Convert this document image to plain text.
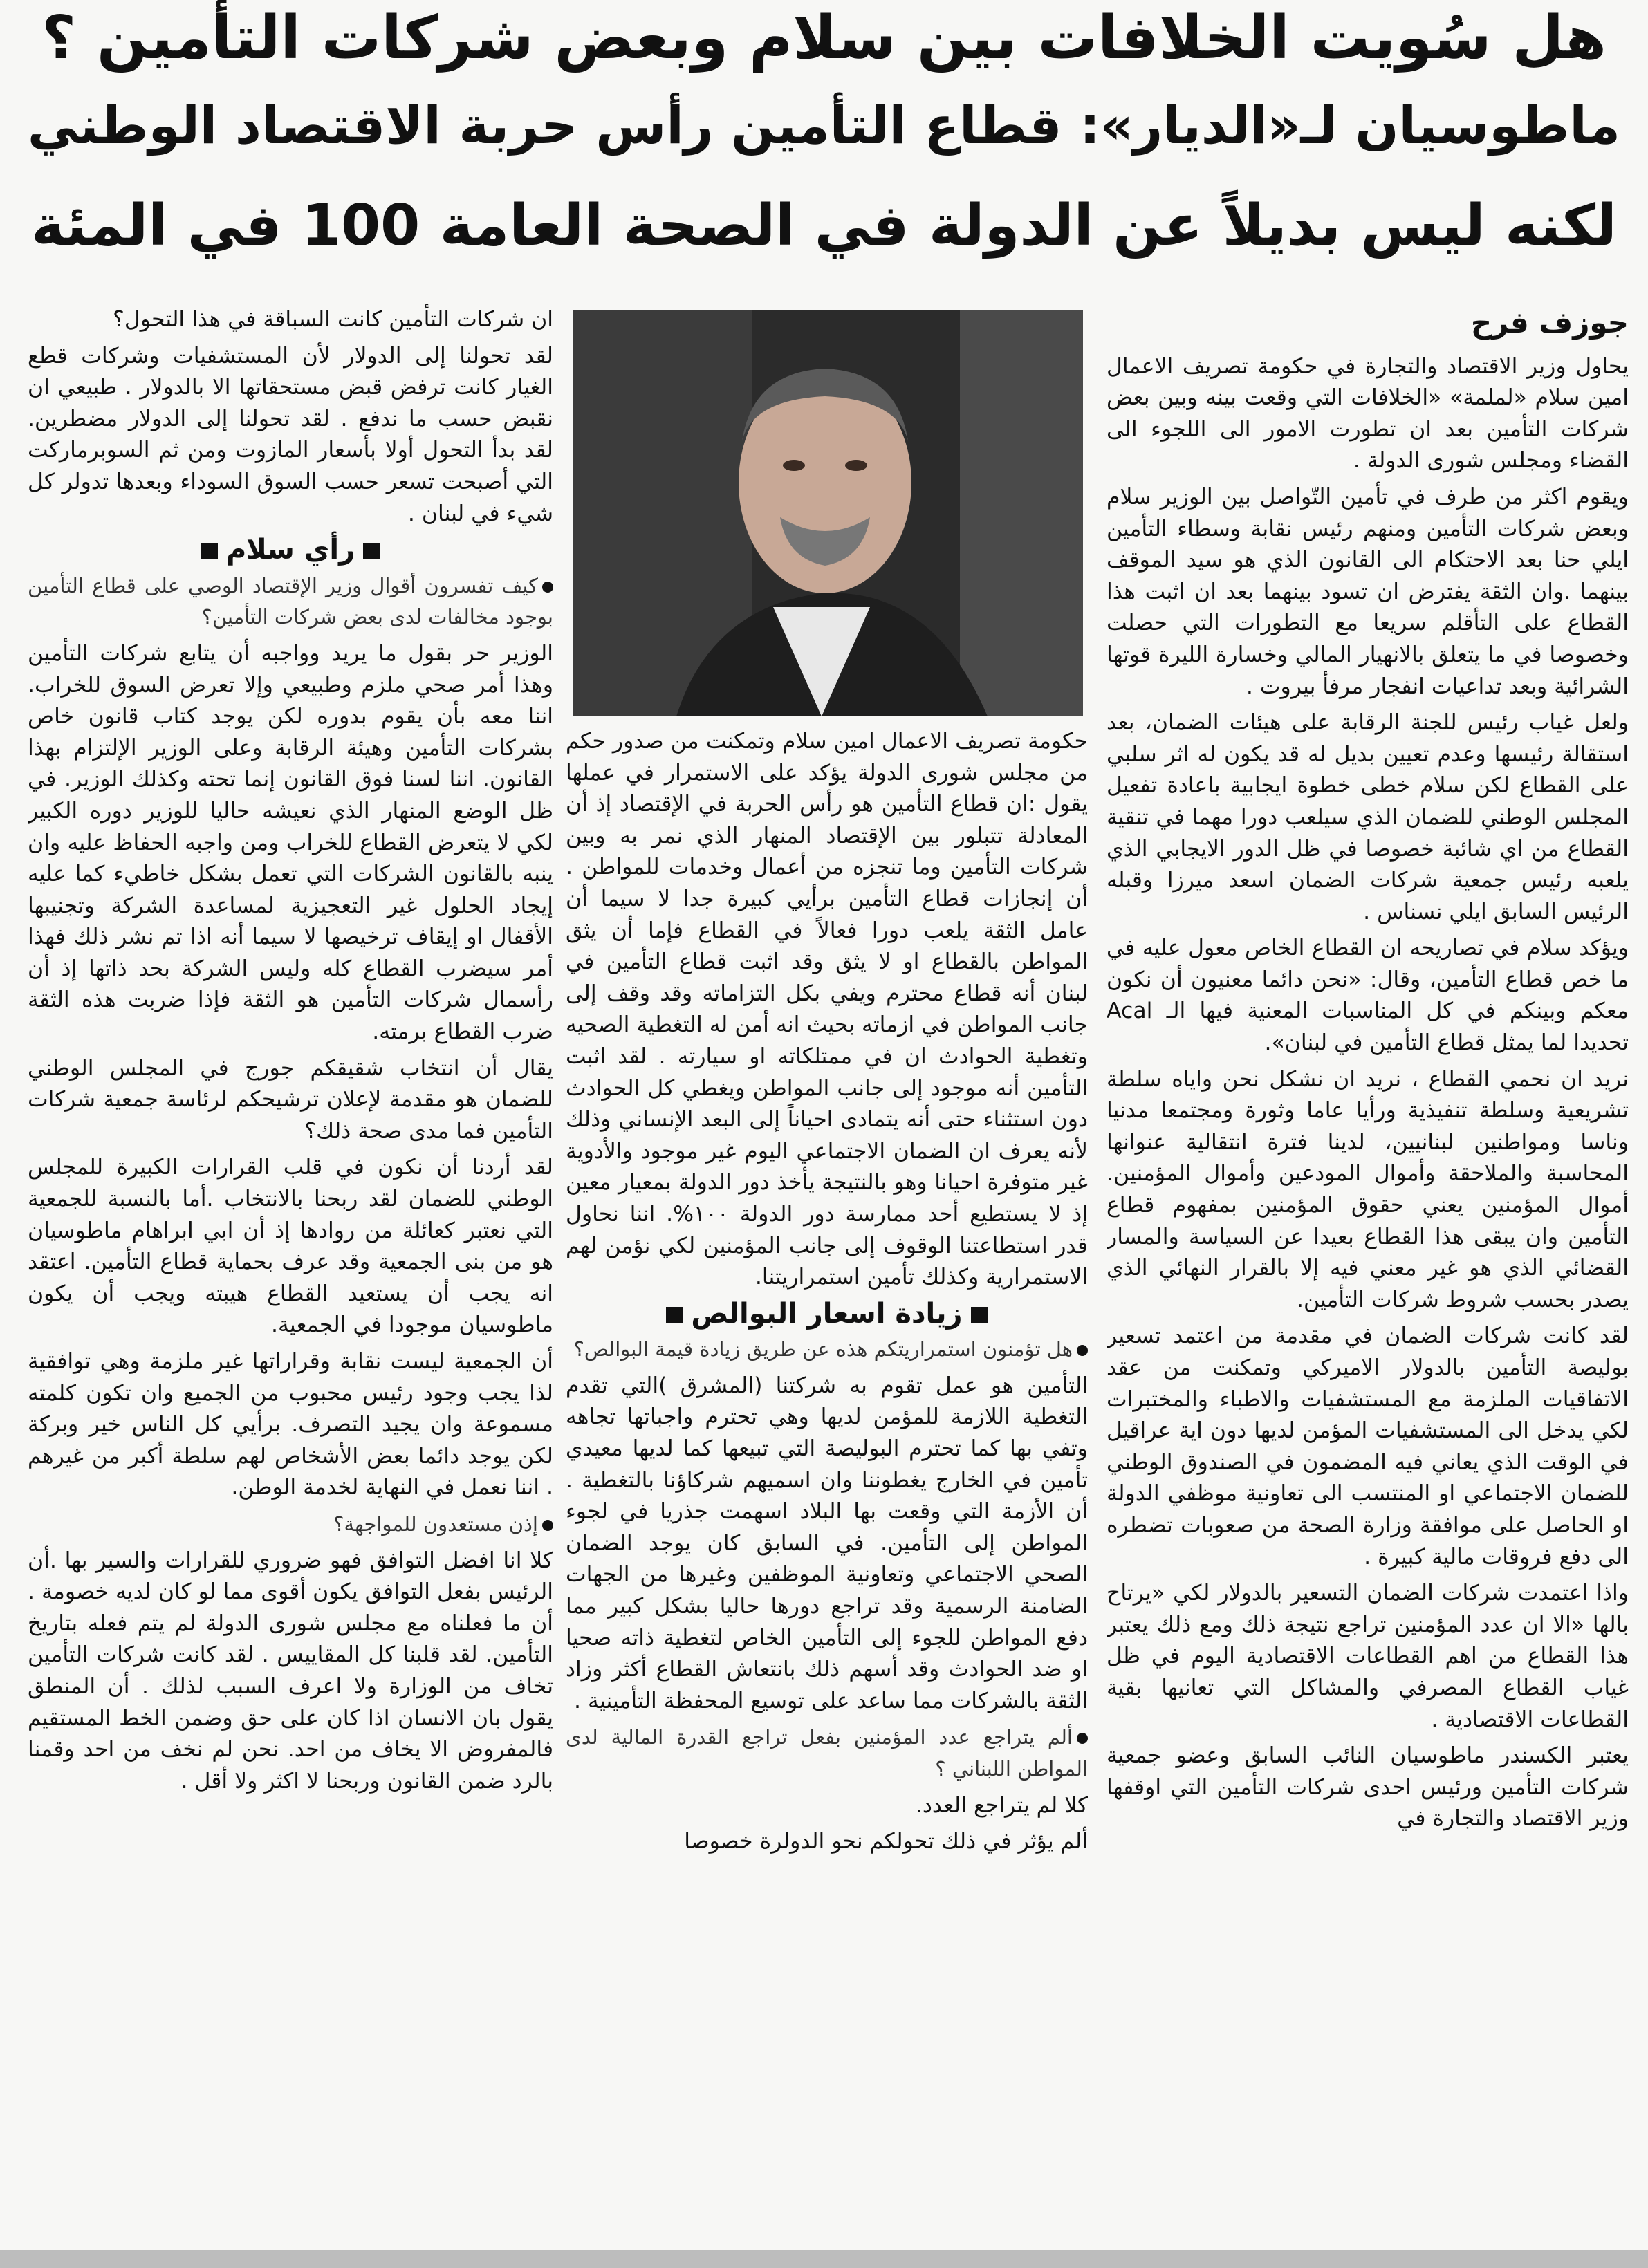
هل سُويت الخلافات بين سلام وبعض شركات التأمين ؟
ماطوسيان لـ«الديار»: قطاع التأمين رأس حربة الاقتصاد الوطني
لكنه ليس بديلاً عن الدولة في الصحة العامة 100 في المئة
جوزف فرح

يحاول وزير الاقتصاد والتجارة في حكومة تصريف الاعمال امين سلام «لملمة» «الخلافات التي وقعت بينه وبين بعض شركات التأمين بعد ان تطورت الامور الى اللجوء الى القضاء ومجلس شورى الدولة .

ويقوم اكثر من طرف في تأمين التّواصل بين الوزير سلام وبعض شركات التأمين ومنهم رئيس نقابة وسطاء التأمين ايلي حنا بعد الاحتكام الى القانون الذي هو سيد الموقف بينهما .وان الثقة يفترض ان تسود بينهما بعد ان اثبت هذا القطاع على التأقلم سريعا مع التطورات التي حصلت وخصوصا في ما يتعلق بالانهيار المالي وخسارة الليرة قوتها الشرائية وبعد تداعيات انفجار مرفأ بيروت .

ولعل غياب رئيس للجنة الرقابة على هيئات الضمان، بعد استقالة رئيسها وعدم تعيين بديل له قد يكون له اثر سلبي على القطاع لكن سلام خطى خطوة ايجابية باعادة تفعيل المجلس الوطني للضمان الذي سيلعب دورا مهما في تنقية القطاع من اي شائبة خصوصا في ظل الدور الايجابي الذي يلعبه رئيس جمعية شركات الضمان اسعد ميرزا وقبله الرئيس السابق ايلي نسناس .

ويؤكد سلام في تصاريحه ان القطاع الخاص معول عليه في ما خص قطاع التأمين، وقال: «نحن دائما معنيون أن نكون معكم وبينكم في كل المناسبات المعنية فيها الـ Acal تحديدا لما يمثل قطاع التأمين في لبنان».

نريد ان نحمي القطاع ، نريد ان نشكل نحن واياه سلطة تشريعية وسلطة تنفيذية ورأيا عاما وثورة ومجتمعا مدنيا وناسا ومواطنين لبنانيين، لدينا فترة انتقالية عنوانها المحاسبة والملاحقة وأموال المودعين وأموال المؤمنين. أموال المؤمنين يعني حقوق المؤمنين بمفهوم قطاع التأمين وان يبقى هذا القطاع بعيدا عن السياسة والمسار القضائي الذي هو غير معني فيه إلا بالقرار النهائي الذي يصدر بحسب شروط شركات التأمين.

لقد كانت شركات الضمان في مقدمة من اعتمد تسعير بوليصة التأمين بالدولار الاميركي وتمكنت من عقد الاتفاقيات الملزمة مع المستشفيات والاطباء والمختبرات لكي يدخل الى المستشفيات المؤمن لديها دون اية عراقيل في الوقت الذي يعاني فيه المضمون في الصندوق الوطني للضمان الاجتماعي او المنتسب الى تعاونية موظفي الدولة او الحاصل على موافقة وزارة الصحة من صعوبات تضطره الى دفع فروقات مالية كبيرة .

واذا اعتمدت شركات الضمان التسعير بالدولار لكي «يرتاح بالها «الا ان عدد المؤمنين تراجع نتيجة ذلك ومع ذلك يعتبر هذا القطاع من اهم القطاعات الاقتصادية اليوم في ظل غياب القطاع المصرفي والمشاكل التي تعانيها بقية القطاعات الاقتصادية .

يعتبر الكسندر ماطوسيان النائب السابق وعضو جمعية شركات التأمين ورئيس احدى شركات التأمين التي اوقفها وزير الاقتصاد والتجارة في

حكومة تصريف الاعمال امين سلام وتمكنت من صدور حكم من مجلس شورى الدولة يؤكد على الاستمرار في عملها يقول :ان قطاع التأمين هو رأس الحربة في الإقتصاد إذ أن المعادلة تتبلور بين الإقتصاد المنهار الذي نمر به وبين شركات التأمين وما تنجزه من أعمال وخدمات للمواطن . أن إنجازات قطاع التأمين برأيي كبيرة جدا لا سيما أن عامل الثقة يلعب دورا فعالاً في القطاع فإما أن يثق المواطن بالقطاع او لا يثق وقد اثبت قطاع التأمين في لبنان أنه قطاع محترم ويفي بكل التزاماته وقد وقف إلى جانب المواطن في ازماته بحيث انه أمن له التغطية الصحيه وتغطية الحوادث ان في ممتلكاته او سيارته . لقد اثبت التأمين أنه موجود إلى جانب المواطن ويغطي كل الحوادث دون استثناء حتى أنه يتمادى احياناً إلى البعد الإنساني وذلك لأنه يعرف ان الضمان الاجتماعي اليوم غير موجود والأدوية غير متوفرة احيانا وهو بالنتيجة يأخذ دور الدولة بمعيار معين إذ لا يستطيع أحد ممارسة دور الدولة ١٠٠%. اننا نحاول قدر استطاعتنا الوقوف إلى جانب المؤمنين لكي نؤمن لهم الاستمرارية وكذلك تأمين استمراريتنا.

زيادة اسعار البوالص

هل تؤمنون استمراريتكم هذه عن طريق زيادة قيمة البوالص؟

التأمين هو عمل تقوم به شركتنا (المشرق )التي تقدم التغطية اللازمة للمؤمن لديها وهي تحترم واجباتها تجاهه وتفي بها كما تحترم البوليصة التي تبيعها كما لديها معيدي تأمين في الخارج يغطوننا وان اسميهم شركاؤنا بالتغطية . أن الأزمة التي وقعت بها البلاد اسهمت جذريا في لجوء المواطن إلى التأمين. في السابق كان يوجد الضمان الصحي الاجتماعي وتعاونية الموظفين وغيرها من الجهات الضامنة الرسمية وقد تراجع دورها حاليا بشكل كبير مما دفع المواطن للجوء إلى التأمين الخاص لتغطية ذاته صحيا او ضد الحوادث وقد أسهم ذلك بانتعاش القطاع أكثر وزاد الثقة بالشركات مما ساعد على توسيع المحفظة التأمينية .

ألم يتراجع عدد المؤمنين بفعل تراجع القدرة المالية لدى المواطن اللبناني ؟

كلا لم يتراجع العدد.

ألم يؤثر في ذلك تحولكم نحو الدولرة خصوصا

ان شركات التأمين كانت السباقة في هذا التحول؟

لقد تحولنا إلى الدولار لأن المستشفيات وشركات قطع الغيار كانت ترفض قبض مستحقاتها الا بالدولار . طبيعي ان نقبض حسب ما ندفع . لقد تحولنا إلى الدولار مضطرين. لقد بدأ التحول أولا بأسعار المازوت ومن ثم السوبرماركت التي أصبحت تسعر حسب السوق السوداء وبعدها تدولر كل شيء في لبنان .

رأي سلام

كيف تفسرون أقوال وزير الإقتصاد الوصي على قطاع التأمين بوجود مخالفات لدى بعض شركات التأمين؟

الوزير حر بقول ما يريد وواجبه أن يتابع شركات التأمين وهذا أمر صحي ملزم وطبيعي وإلا تعرض السوق للخراب. اننا معه بأن يقوم بدوره لكن يوجد كتاب قانون خاص بشركات التأمين وهيئة الرقابة وعلى الوزير الإلتزام بهذا القانون. اننا لسنا فوق القانون إنما تحته وكذلك الوزير. في ظل الوضع المنهار الذي نعيشه حاليا للوزير دوره الكبير لكي لا يتعرض القطاع للخراب ومن واجبه الحفاظ عليه وان ينبه بالقانون الشركات التي تعمل بشكل خاطيء كما عليه إيجاد الحلول غير التعجيزية لمساعدة الشركة وتجنيبها الأقفال او إيقاف ترخيصها لا سيما أنه اذا تم نشر ذلك فهذا أمر سيضرب القطاع كله وليس الشركة بحد ذاتها إذ أن رأسمال شركات التأمين هو الثقة فإذا ضربت هذه الثقة ضرب القطاع برمته.

يقال أن انتخاب شقيقكم جورج في المجلس الوطني للضمان هو مقدمة لإعلان ترشيحكم لرئاسة جمعية شركات التأمين فما مدى صحة ذلك؟

لقد أردنا أن نكون في قلب القرارات الكبيرة للمجلس الوطني للضمان لقد ربحنا بالانتخاب .أما بالنسبة للجمعية التي نعتبر كعائلة من روادها إذ أن ابي ابراهام ماطوسيان هو من بنى الجمعية وقد عرف بحماية قطاع التأمين. اعتقد انه يجب أن يستعيد القطاع هيبته ويجب أن يكون ماطوسيان موجودا في الجمعية.

أن الجمعية ليست نقابة وقراراتها غير ملزمة وهي توافقية لذا يجب وجود رئيس محبوب من الجميع وان تكون كلمته مسموعة وان يجيد التصرف. برأيي كل الناس خير وبركة لكن يوجد دائما بعض الأشخاص لهم سلطة أكبر من غيرهم . اننا نعمل في النهاية لخدمة الوطن.

إذن مستعدون للمواجهة؟

كلا انا افضل التوافق فهو ضروري للقرارات والسير بها .أن الرئيس بفعل التوافق يكون أقوى مما لو كان لديه خصومة . أن ما فعلناه مع مجلس شورى الدولة لم يتم فعله بتاريخ التأمين. لقد قلبنا كل المقاييس . لقد كانت شركات التأمين تخاف من الوزارة ولا اعرف السبب لذلك . أن المنطق يقول بان الانسان اذا كان على حق وضمن الخط المستقيم فالمفروض الا يخاف من احد. نحن لم نخف من احد وقمنا بالرد ضمن القانون وربحنا لا اكثر ولا أقل .
